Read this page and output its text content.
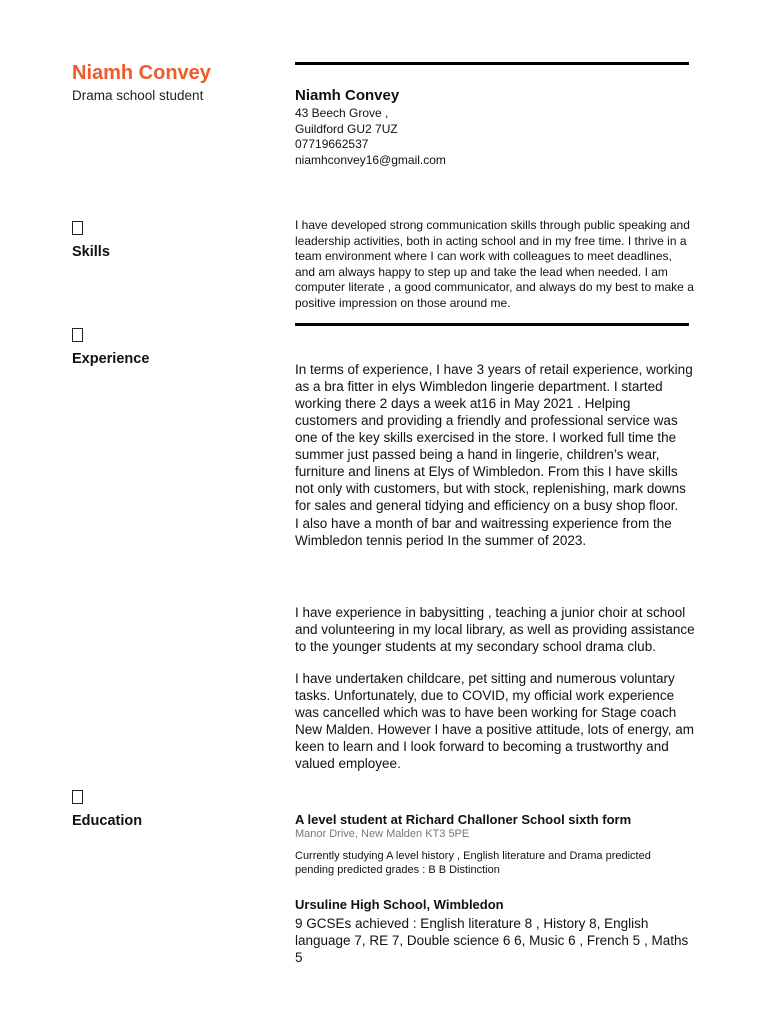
Niamh Convey
Drama school student	Niamh Convey
43 Beech Grove ,
Guildford GU2 7UZ
07719662537
niamhconvey16@gmail.com
Skills
I have developed strong communication skills through public speaking and leadership activities, both in acting school and in my free time. I thrive in a team environment where I can work with colleagues to meet deadlines, and am always happy to step up and take the lead when needed. I am computer literate , a good communicator, and always do my best to make a positive impression on those around me.
Experience
In terms of experience, I have 3 years of retail experience, working as a bra fitter in elys Wimbledon lingerie department. I started working there 2 days a week at16 in May 2021 . Helping customers and providing a friendly and professional service was one of the key skills exercised in the store. I worked full time the summer just passed being a hand in lingerie, children’s wear, furniture and linens at Elys of Wimbledon. From this I have skills not only with customers, but with stock, replenishing, mark downs for sales and general tidying and efficiency on a busy shop floor.
I also have a month of bar and waitressing experience from the Wimbledon tennis period In the summer of 2023.
I have experience in babysitting , teaching a junior choir at school and volunteering in my local library, as well as providing assistance to the younger students at my secondary school drama club.
I have undertaken childcare, pet sitting and numerous voluntary tasks. Unfortunately, due to COVID, my official work experience was cancelled which was to have been working for Stage coach New Malden. However I have a positive attitude, lots of energy, am keen to learn and I look forward to becoming a trustworthy and valued employee.
Education	A level student at Richard Challoner School sixth form
Manor Drive, New Malden KT3 5PE
Currently studying A level history , English literature and Drama predicted pending predicted grades : B B Distinction
Ursuline High School, Wimbledon
9 GCSEs achieved : English literature 8 , History 8, English language 7, RE 7, Double science 6 6, Music 6 , French 5 , Maths 5
